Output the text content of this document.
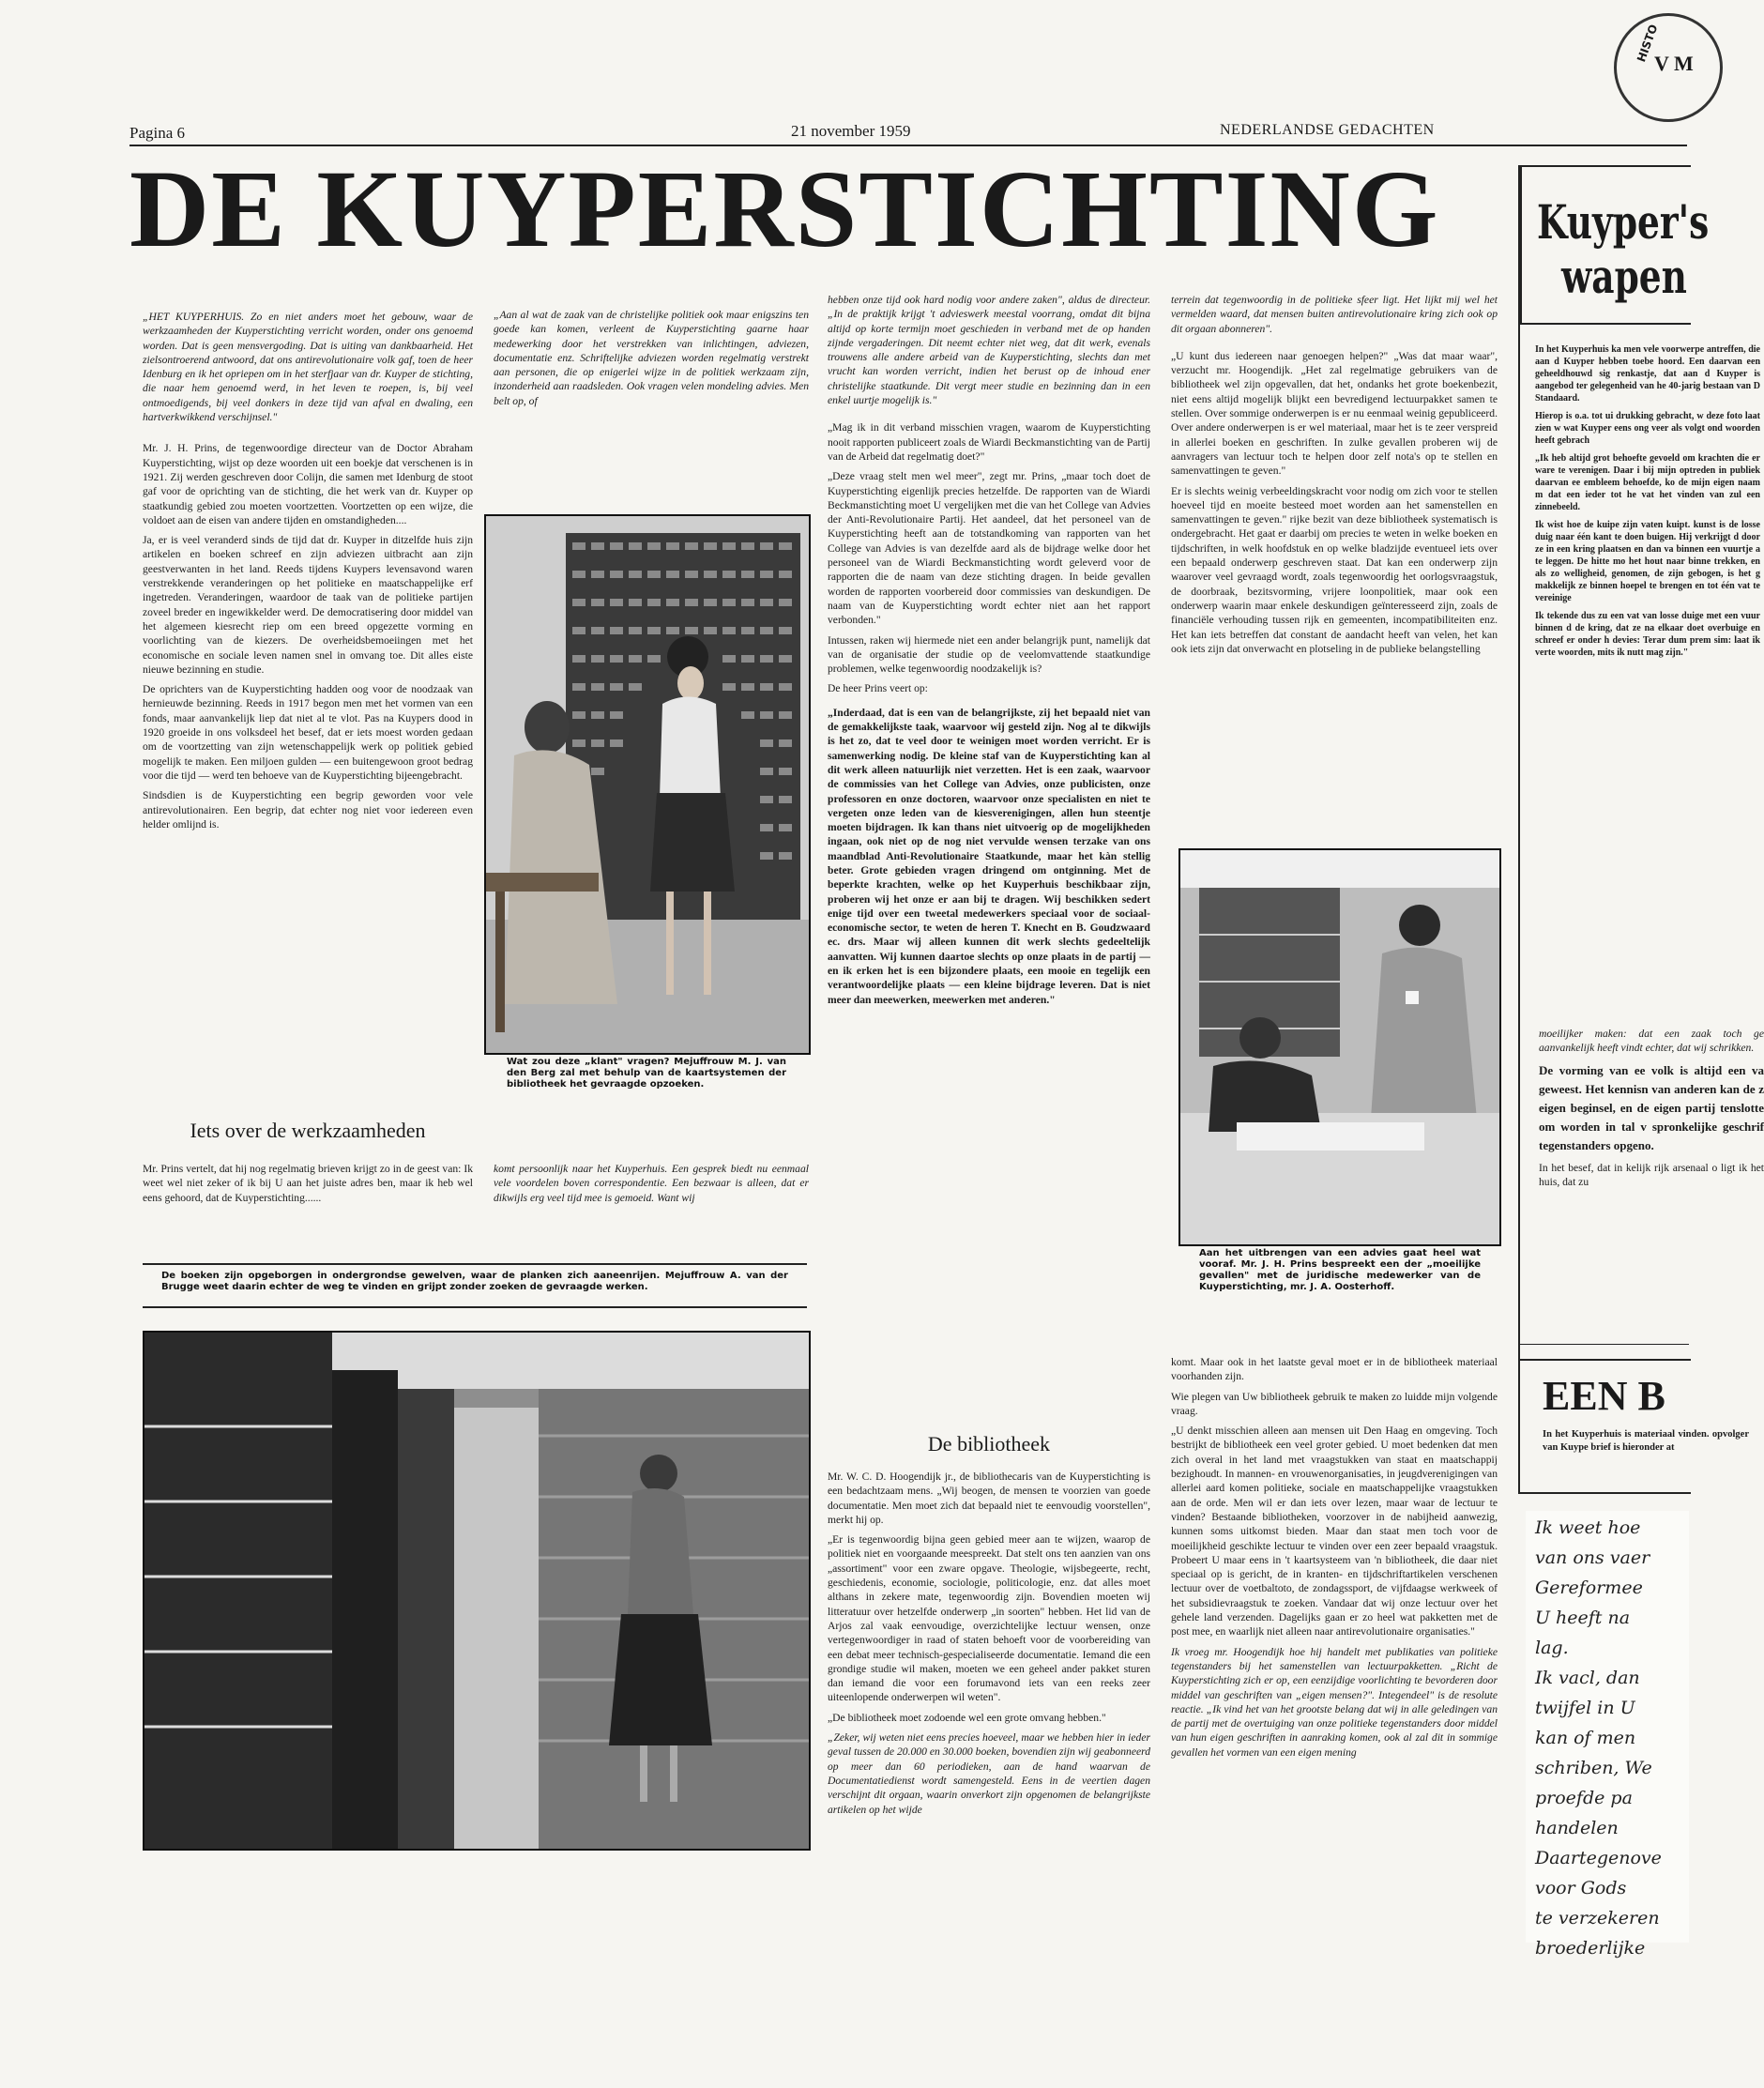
Pagina 6	21 november 1959	NEDERLANDSE GEDACHTEN
HISTO
V M
DE KUYPERSTICHTING

„HET KUYPERHUIS. Zo en niet anders moet het gebouw, waar de werkzaamheden der Kuyperstichting verricht worden, onder ons genoemd worden. Dat is geen mensvergoding. Dat is uiting van dankbaarheid. Het zielsontroerend antwoord, dat ons antirevolutionaire volk gaf, toen de heer Idenburg en ik het opriepen om in het sterfjaar van dr. Kuyper de stichting, die naar hem genoemd werd, in het leven te roepen, is, bij veel ontmoedigends, bij veel donkers in deze tijd van afval en dwaling, een hartverkwikkend verschijnsel."

Mr. J. H. Prins, de tegenwoordige directeur van de Doctor Abraham Kuyperstichting, wijst op deze woorden uit een boekje dat verschenen is in 1921. Zij werden geschreven door Colijn, die samen met Idenburg de stoot gaf voor de oprichting van de stichting, die het werk van dr. Kuyper op staatkundig gebied zou moeten voortzetten. Voortzetten op een wijze, die voldoet aan de eisen van andere tijden en omstandigheden....

Ja, er is veel veranderd sinds de tijd dat dr. Kuyper in ditzelfde huis zijn artikelen en boeken schreef en zijn adviezen uitbracht aan zijn geestverwanten in het land. Reeds tijdens Kuypers levensavond waren verstrekkende veranderingen op het politieke en maatschappelijke erf ingetreden. Veranderingen, waardoor de taak van de politieke partijen zoveel breder en ingewikkelder werd. De democratisering door middel van het algemeen kiesrecht riep om een breed opgezette vorming en voorlichting van de kiezers. De overheidsbemoeiingen met het economische en sociale leven namen snel in omvang toe. Dit alles eiste nieuwe bezinning en studie.

De oprichters van de Kuyperstichting hadden oog voor de noodzaak van hernieuwde bezinning. Reeds in 1917 begon men met het vormen van een fonds, maar aanvankelijk liep dat niet al te vlot. Pas na Kuypers dood in 1920 groeide in ons volksdeel het besef, dat er iets moest worden gedaan om de voortzetting van zijn wetenschappelijk werk op politiek gebied mogelijk te maken. Een miljoen gulden — een buitengewoon groot bedrag voor die tijd — werd ten behoeve van de Kuyperstichting bijeengebracht.

Sindsdien is de Kuyperstichting een begrip geworden voor vele antirevolutionairen. Een begrip, dat echter nog niet voor iedereen even helder omlijnd is.

Iets over de werkzaamheden

Mr. Prins vertelt, dat hij nog regelmatig brieven krijgt zo in de geest van: Ik weet wel niet zeker of ik bij U aan het juiste adres ben, maar ik heb wel eens gehoord, dat de Kuyperstichting......

„Aan al wat de zaak van de christelijke politiek ook maar enigszins ten goede kan komen, verleent de Kuyperstichting gaarne haar medewerking door het verstrekken van inlichtingen, adviezen, documentatie enz. Schriftelijke adviezen worden regelmatig verstrekt aan personen, die op enigerlei wijze in de politiek werkzaam zijn, inzonderheid aan raadsleden. Ook vragen velen mondeling advies. Men belt op, of

Wat zou deze „klant" vragen? Mejuffrouw M. J. van den Berg zal met behulp van de kaartsystemen der bibliotheek het gevraagde opzoeken.

komt persoonlijk naar het Kuyperhuis. Een gesprek biedt nu eenmaal vele voordelen boven correspondentie. Een bezwaar is alleen, dat er dikwijls erg veel tijd mee is gemoeid. Want wij

De boeken zijn opgeborgen in ondergrondse gewelven, waar de planken zich aaneenrijen. Mejuffrouw A. van der Brugge weet daarin echter de weg te vinden en grijpt zonder zoeken de gevraagde werken.

hebben onze tijd ook hard nodig voor andere zaken", aldus de directeur. „In de praktijk krijgt 't advieswerk meestal voorrang, omdat dit bijna altijd op korte termijn moet geschieden in verband met de op handen zijnde vergaderingen. Dit neemt echter niet weg, dat dit werk, evenals trouwens alle andere arbeid van de Kuyperstichting, slechts dan met vrucht kan worden verricht, indien het berust op de inhoud ener christelijke staatkunde. Dit vergt meer studie en bezinning dan in een enkel uurtje mogelijk is."

„Mag ik in dit verband misschien vragen, waarom de Kuyperstichting nooit rapporten publiceert zoals de Wiardi Beckmanstichting van de Partij van de Arbeid dat regelmatig doet?"

„Deze vraag stelt men wel meer", zegt mr. Prins, „maar toch doet de Kuyperstichting eigenlijk precies hetzelfde. De rapporten van de Wiardi Beckmanstichting moet U vergelijken met die van het College van Advies der Anti-Revolutionaire Partij. Het aandeel, dat het personeel van de Kuyperstichting heeft aan de totstandkoming van rapporten van het College van Advies is van dezelfde aard als de bijdrage welke door het personeel van de Wiardi Beckmanstichting wordt geleverd voor de rapporten die de naam van deze stichting dragen. In beide gevallen worden de rapporten voorbereid door commissies van deskundigen. De naam van de Kuyperstichting wordt echter niet aan het rapport verbonden."

Intussen, raken wij hiermede niet een ander belangrijk punt, namelijk dat van de organisatie der studie op de veelomvattende staatkundige problemen, welke tegenwoordig noodzakelijk is?

De heer Prins veert op:

„Inderdaad, dat is een van de belangrijkste, zij het bepaald niet van de gemakkelijkste taak, waarvoor wij gesteld zijn. Nog al te dikwijls is het zo, dat te veel door te weinigen moet worden verricht. Er is samenwerking nodig. De kleine staf van de Kuyperstichting kan al dit werk alleen natuurlijk niet verzetten. Het is een zaak, waarvoor de commissies van het College van Advies, onze publicisten, onze professoren en onze doctoren, waarvoor onze specialisten en niet te vergeten onze leden van de kiesverenigingen, allen hun steentje moeten bijdragen. Ik kan thans niet uitvoerig op de mogelijkheden ingaan, ook niet op de nog niet vervulde wensen terzake van ons maandblad Anti-Revolutionaire Staatkunde, maar het kàn stellig beter. Grote gebieden vragen dringend om ontginning. Met de beperkte krachten, welke op het Kuyperhuis beschikbaar zijn, proberen wij het onze er aan bij te dragen. Wij beschikken sedert enige tijd over een tweetal medewerkers speciaal voor de sociaal-economische sector, te weten de heren T. Knecht en B. Goudzwaard ec. drs. Maar wij alleen kunnen dit werk slechts gedeeltelijk aanvatten. Wij kunnen daartoe slechts op onze plaats in de partij — en ik erken het is een bijzondere plaats, een mooie en tegelijk een verantwoordelijke plaats — een kleine bijdrage leveren. Dat is niet meer dan meewerken, meewerken met anderen."

De bibliotheek

Mr. W. C. D. Hoogendijk jr., de bibliothecaris van de Kuyperstichting is een bedachtzaam mens. „Wij beogen, de mensen te voorzien van goede documentatie. Men moet zich dat bepaald niet te eenvoudig voorstellen", merkt hij op.

„Er is tegenwoordig bijna geen gebied meer aan te wijzen, waarop de politiek niet en voorgaande meespreekt. Dat stelt ons ten aanzien van ons „assortiment" voor een zware opgave. Theologie, wijsbegeerte, recht, geschiedenis, economie, sociologie, politicologie, enz. dat alles moet althans in zekere mate, tegenwoordig zijn. Bovendien moeten wij litteratuur over hetzelfde onderwerp „in soorten" hebben. Het lid van de Arjos zal vaak eenvoudige, overzichtelijke lectuur wensen, onze vertegenwoordiger in raad of staten behoeft voor de voorbereiding van een debat meer technisch-gespecialiseerde documentatie. Iemand die een grondige studie wil maken, moeten we een geheel ander pakket sturen dan iemand die voor een forumavond iets van een reeks zeer uiteenlopende onderwerpen wil weten".

„De bibliotheek moet zodoende wel een grote omvang hebben."

„Zeker, wij weten niet eens precies hoeveel, maar we hebben hier in ieder geval tussen de 20.000 en 30.000 boeken, bovendien zijn wij geabonneerd op meer dan 60 periodieken, aan de hand waarvan de Documentatiedienst wordt samengesteld. Eens in de veertien dagen verschijnt dit orgaan, waarin onverkort zijn opgenomen de belangrijkste artikelen op het wijde

terrein dat tegenwoordig in de politieke sfeer ligt. Het lijkt mij wel het vermelden waard, dat mensen buiten antirevolutionaire kring zich ook op dit orgaan abonneren".

„U kunt dus iedereen naar genoegen helpen?" „Was dat maar waar", verzucht mr. Hoogendijk. „Het zal regelmatige gebruikers van de bibliotheek wel zijn opgevallen, dat het, ondanks het grote boekenbezit, niet eens altijd mogelijk blijkt een bevredigend lectuurpakket samen te stellen. Over sommige onderwerpen is er nu eenmaal weinig gepubliceerd. Over andere onderwerpen is er wel materiaal, maar het is te zeer verspreid in allerlei boeken en geschriften. In zulke gevallen proberen wij de aanvragers van lectuur toch te helpen door zelf nota's op te stellen en samenvattingen te geven."

Er is slechts weinig verbeeldingskracht voor nodig om zich voor te stellen hoeveel tijd en moeite besteed moet worden aan het samenstellen en samenvattingen te geven." rijke bezit van deze bibliotheek systematisch is ondergebracht. Het gaat er daarbij om precies te weten in welke boeken en tijdschriften, in welk hoofdstuk en op welke bladzijde eventueel iets over een bepaald onderwerp geschreven staat. Dat kan een onderwerp zijn waarover veel gevraagd wordt, zoals tegenwoordig het oorlogsvraagstuk, de doorbraak, bezitsvorming, vrijere loonpolitiek, maar ook een onderwerp waarin maar enkele deskundigen geïnteresseerd zijn, zoals de financiële verhouding tussen rijk en gemeenten, incompatibiliteiten enz. Het kan iets betreffen dat constant de aandacht heeft van velen, het kan ook iets zijn dat onverwacht en plotseling in de publieke belangstelling

Aan het uitbrengen van een advies gaat heel wat vooraf. Mr. J. H. Prins bespreekt een der „moeilijke gevallen" met de juridische medewerker van de Kuyperstichting, mr. J. A. Oosterhoff.

komt. Maar ook in het laatste geval moet er in de bibliotheek materiaal voorhanden zijn.

Wie plegen van Uw bibliotheek gebruik te maken zo luidde mijn volgende vraag.

„U denkt misschien alleen aan mensen uit Den Haag en omgeving. Toch bestrijkt de bibliotheek een veel groter gebied. U moet bedenken dat men zich overal in het land met vraagstukken van staat en maatschappij bezighoudt. In mannen- en vrouwenorganisaties, in jeugdverenigingen van allerlei aard komen politieke, sociale en maatschappelijke vraagstukken aan de orde. Men wil er dan iets over lezen, maar waar de lectuur te vinden? Bestaande bibliotheken, voorzover in de nabijheid aanwezig, kunnen soms uitkomst bieden. Maar dan staat men toch voor de moeilijkheid geschikte lectuur te vinden over een zeer bepaald vraagstuk. Probeert U maar eens in 't kaartsysteem van 'n bibliotheek, die daar niet speciaal op is gericht, de in kranten- en tijdschriftartikelen verschenen lectuur over de voetbaltoto, de zondagssport, de vijfdaagse werkweek of het subsidievraagstuk te zoeken. Vandaar dat wij onze lectuur over het gehele land verzenden. Dagelijks gaan er zo heel wat pakketten met de post mee, en waarlijk niet alleen naar antirevolutionaire organisaties."

Ik vroeg mr. Hoogendijk hoe hij handelt met publikaties van politieke tegenstanders bij het samenstellen van lectuurpakketten. „Richt de Kuyperstichting zich er op, een eenzijdige voorlichting te bevorderen door middel van geschriften van „eigen mensen?". Integendeel" is de resolute reactie. „Ik vind het van het grootste belang dat wij in alle geledingen van de partij met de overtuiging van onze politieke tegenstanders door middel van hun eigen geschriften in aanraking komen, ook al zal dit in sommige gevallen het vormen van een eigen mening

Kuyper's
wapen

In het Kuyperhuis ka men vele voorwerpe antreffen, die aan d Kuyper hebben toebe hoord. Een daarvan een geheeldhouwd sig renkastje, dat aan d Kuyper is aangebod ter gelegenheid van he 40-jarig bestaan van D Standaard.

Hierop is o.a. tot ui drukking gebracht, w deze foto laat zien w wat Kuyper eens ong veer als volgt ond woorden heeft gebrach

„Ik heb altijd grot behoefte gevoeld om krachten die er ware te verenigen. Daar i bij mijn optreden in publiek daarvan ee embleem behoefde, ko de mijn eigen naam m dat een ieder tot he vat het vinden van zul een zinnebeeld.

Ik wist hoe de kuipe zijn vaten kuipt. kunst is de losse duig naar één kant te doen buigen. Hij verkrijgt d door ze in een kring plaatsen en dan va binnen een vuurtje a te leggen. De hitte mo het hout naar binne trekken, en als zo welligheid, genomen, de zijn gebogen, is het g makkelijk ze binnen hoepel te brengen en tot één vat te vereinige

Ik tekende dus zu een vat van losse duige met een vuur binnen d de kring, dat ze na elkaar doet overbuige en schreef er onder h devies: Terar dum prem sim: laat ik verte woorden, mits ik nutt mag zijn."

moeilijker maken: dat een zaak toch ge aanvankelijk heeft vindt echter, dat wij schrikken.

De vorming van ee volk is altijd een va geweest. Het kennisn van anderen kan de z eigen beginsel, en de eigen partij tenslotte om worden in tal v spronkelijke geschrif tegenstanders opgeno.

In het besef, dat in kelijk rijk arsenaal o ligt ik het huis, dat zu

EEN B

In het Kuyperhuis is materiaal vinden. opvolger van Kuype brief is hieronder at

Ik weet hoe
van ons vaer
Gereformee
U heeft na
lag.
Ik vacl, dan
twijfel in U
kan of men
schriben, We
proefde pa
handelen
Daartegenove
voor Gods
te verzekeren
broederlijke
